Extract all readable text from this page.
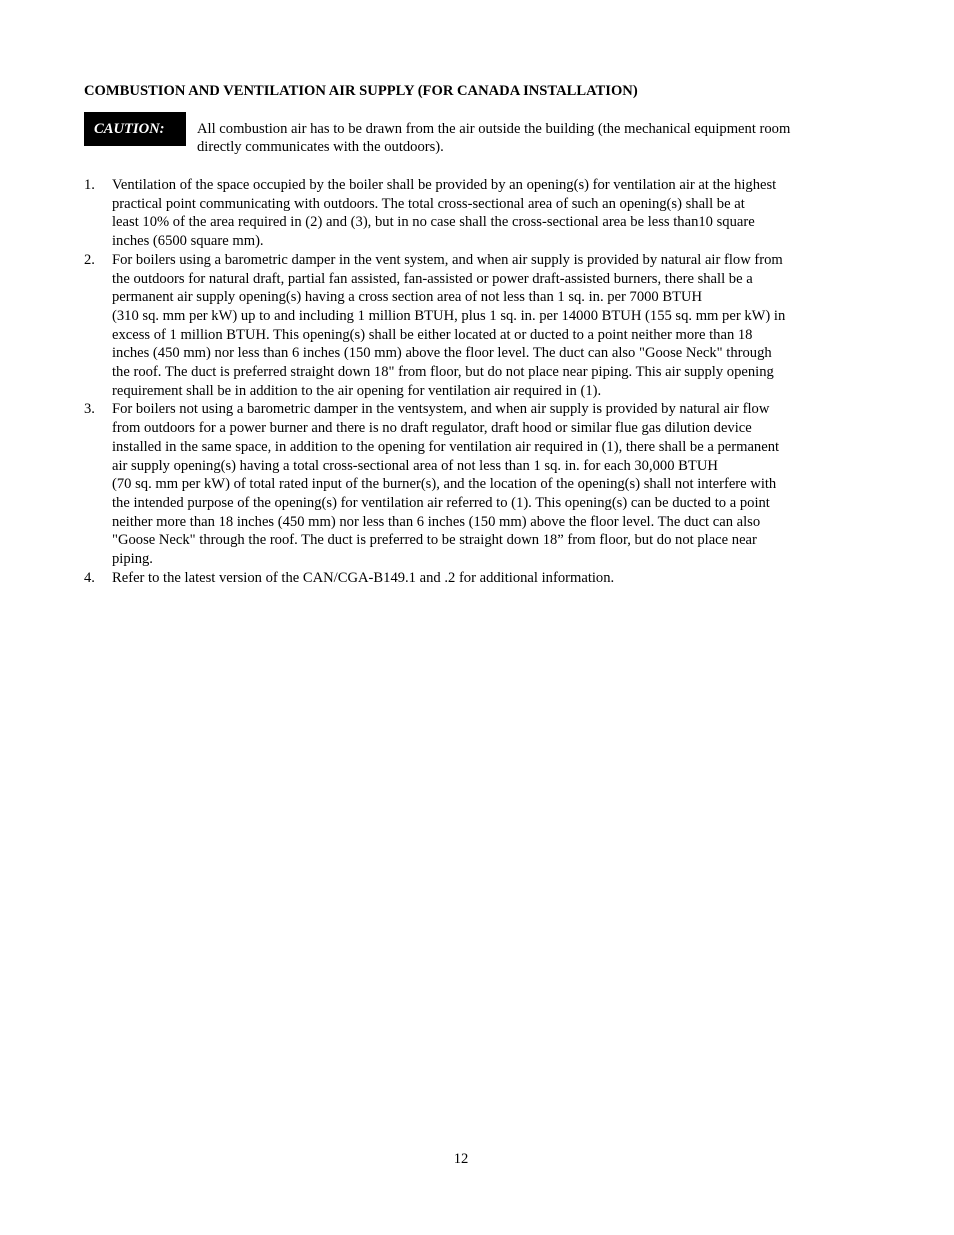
COMBUSTION AND VENTILATION AIR SUPPLY (FOR CANADA INSTALLATION)
CAUTION:	All combustion air has to be drawn from the air outside the building (the mechanical equipment room directly communicates with the outdoors).
1.	Ventilation of the space occupied by the boiler shall be provided by an opening(s) for ventilation air at the highest
practical point communicating with outdoors. The total cross-sectional area of such an opening(s) shall be at
least 10% of the area required in (2) and (3), but in no case shall the cross-sectional area be less than10 square
inches (6500 square mm).
2.	For boilers using a barometric damper in the vent system, and when air supply is provided by natural air flow from
the outdoors for natural draft, partial fan assisted, fan-assisted or power draft-assisted burners, there shall be a
permanent air supply opening(s) having a cross section area of not less than 1 sq. in. per 7000 BTUH
(310 sq. mm per kW) up to and including 1 million BTUH, plus 1 sq. in. per 14000 BTUH (155 sq. mm per kW) in
excess of 1 million BTUH. This opening(s) shall be either located at or ducted to a point neither more than 18
inches (450 mm) nor less than 6 inches (150 mm) above the floor level. The duct can also "Goose Neck" through
the roof. The duct is preferred straight down 18" from floor, but do not place near piping. This air supply opening
requirement shall be in addition to the air opening for ventilation air required in (1).
3.	For boilers not using a barometric damper in the ventsystem, and when air supply is provided by natural air flow
from outdoors for a power burner and there is no draft regulator, draft hood or similar flue gas dilution device
installed in the same space, in addition to the opening for ventilation air required in (1), there shall be a permanent
air supply opening(s) having a total cross-sectional area of not less than 1 sq. in. for each 30,000 BTUH
(70 sq. mm per kW) of total rated input of the burner(s), and the location of the opening(s) shall not interfere with
the intended purpose of the opening(s) for ventilation air referred to (1). This opening(s) can be ducted to a point
neither more than 18 inches (450 mm) nor less than 6 inches (150 mm) above the floor level. The duct can also
"Goose Neck" through the roof. The duct is preferred to be straight down 18” from floor, but do not place near
piping.
4.	Refer to the latest version of the CAN/CGA-B149.1 and .2 for additional information.
12
